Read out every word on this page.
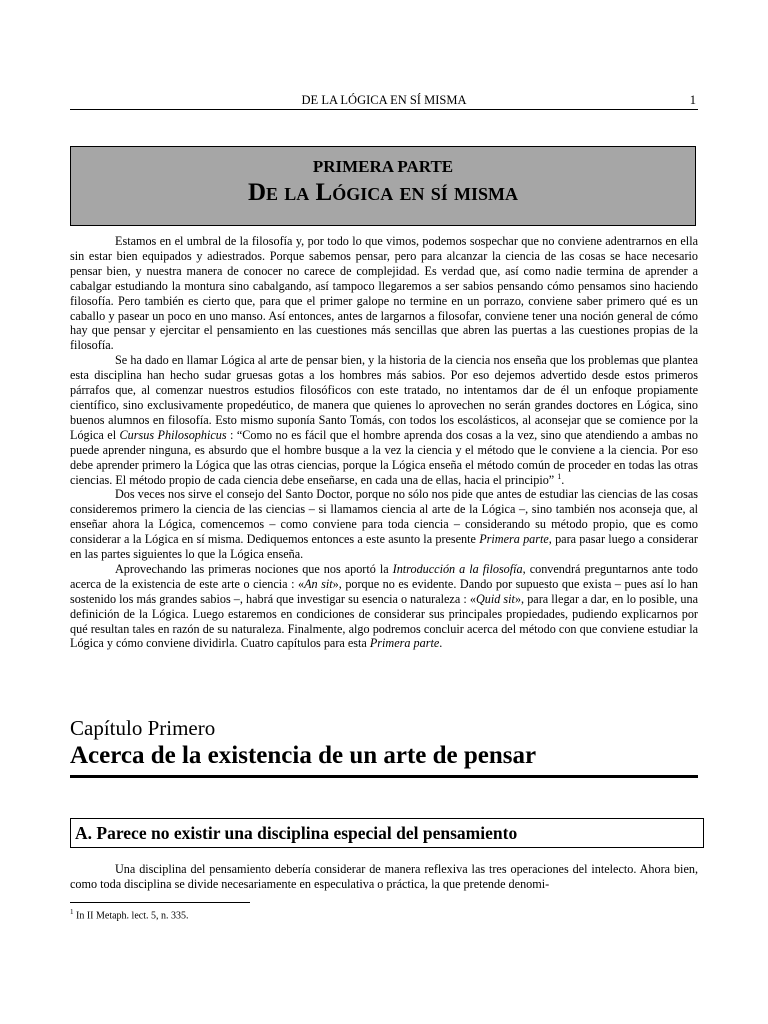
DE LA LÓGICA EN SÍ MISMA	1
PRIMERA PARTE
De la Lógica en sí misma

Estamos en el umbral de la filosofía y, por todo lo que vimos, podemos sospechar que no conviene adentrarnos en ella sin estar bien equipados y adiestrados. Porque sabemos pensar, pero para alcanzar la ciencia de las cosas se hace necesario pensar bien, y nuestra manera de conocer no carece de complejidad. Es verdad que, así como nadie termina de aprender a cabalgar estudiando la montura sino cabalgando, así tampoco llegaremos a ser sabios pensando cómo pensamos sino haciendo filosofía. Pero también es cierto que, para que el primer galope no termine en un porrazo, conviene saber primero qué es un caballo y pasear un poco en uno manso. Así entonces, antes de largarnos a filosofar, conviene tener una noción general de cómo hay que pensar y ejercitar el pensamiento en las cuestiones más sencillas que abren las puertas a las cuestiones propias de la filosofía.

Se ha dado en llamar Lógica al arte de pensar bien, y la historia de la ciencia nos enseña que los problemas que plantea esta disciplina han hecho sudar gruesas gotas a los hombres más sabios. Por eso dejemos advertido desde estos primeros párrafos que, al comenzar nuestros estudios filosóficos con este tratado, no intentamos dar de él un enfoque propiamente científico, sino exclusivamente propedéutico, de manera que quienes lo aprovechen no serán grandes doctores en Lógica, sino buenos alumnos en filosofía. Esto mismo suponía Santo Tomás, con todos los escolásticos, al aconsejar que se comience por la Lógica el Cursus Philosophicus : “Como no es fácil que el hombre aprenda dos cosas a la vez, sino que atendiendo a ambas no puede aprender ninguna, es absurdo que el hombre busque a la vez la ciencia y el método que le conviene a la ciencia. Por eso debe aprender primero la Lógica que las otras ciencias, porque la Lógica enseña el método común de proceder en todas las otras ciencias. El método propio de cada ciencia debe enseñarse, en cada una de ellas, hacia el principio” $^1$.

Dos veces nos sirve el consejo del Santo Doctor, porque no sólo nos pide que antes de estudiar las ciencias de las cosas consideremos primero la ciencia de las ciencias – si llamamos ciencia al arte de la Lógica –, sino también nos aconseja que, al enseñar ahora la Lógica, comencemos – como conviene para toda ciencia – considerando su método propio, que es como considerar a la Lógica en sí misma. Dediquemos entonces a este asunto la presente Primera parte, para pasar luego a considerar en las partes siguientes lo que la Lógica enseña.

Aprovechando las primeras nociones que nos aportó la Introducción a la filosofía, convendrá preguntarnos ante todo acerca de la existencia de este arte o ciencia : «An sit», porque no es evidente. Dando por supuesto que exista – pues así lo han sostenido los más grandes sabios –, habrá que investigar su esencia o naturaleza : «Quid sit», para llegar a dar, en lo posible, una definición de la Lógica. Luego estaremos en condiciones de considerar sus principales propiedades, pudiendo explicarnos por qué resultan tales en razón de su naturaleza. Finalmente, algo podremos concluir acerca del método con que conviene estudiar la Lógica y cómo conviene dividirla. Cuatro capítulos para esta Primera parte.

Capítulo Primero
Acerca de la existencia de un arte de pensar
A. Parece no existir una disciplina especial del pensamiento

Una disciplina del pensamiento debería considerar de manera reflexiva las tres operaciones del intelecto. Ahora bien, como toda disciplina se divide necesariamente en especulativa o práctica, la que pretende denomi-

$^1$ In II Metaph. lect. 5, n. 335.
